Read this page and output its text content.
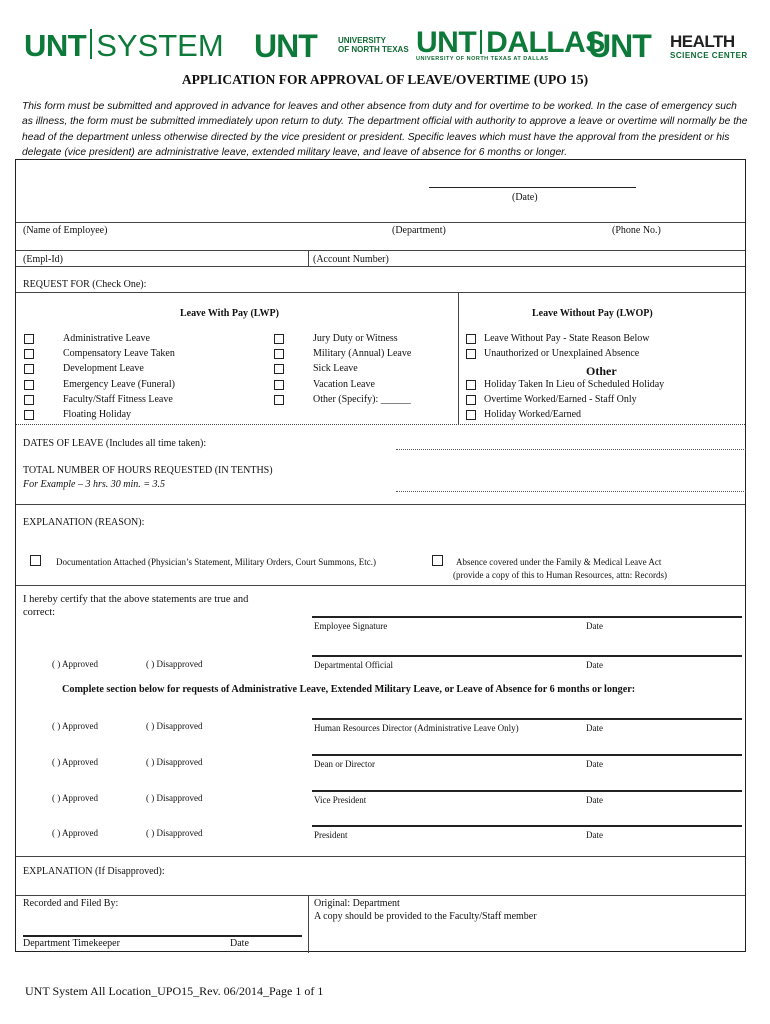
UNT SYSTEM UNT	UNIVERSITY
OF NORTH TEXAS UNT DALLAS
UNIVERSITY OF NORTH TEXAS AT DALLAS UNT HEALTH
SCIENCE CENTER
APPLICATION FOR APPROVAL OF LEAVE/OVERTIME (UPO 15)
This form must be submitted and approved in advance for leaves and other absence from duty and for overtime to be worked. In the case of emergency such as illness, the form must be submitted immediately upon return to duty. The department official with authority to approve a leave or overtime will normally be the head of the department unless otherwise directed by the vice president or president. Specific leaves which must have the approval from the president or his delegate (vice president) are administrative leave, extended military leave, and leave of absence for 6 months or longer.
(Date)
(Name of Employee)	(Department)	(Phone No.)
(Empl-Id)	(Account Number)
REQUEST FOR (Check One):
Leave With Pay (LWP)	Leave Without Pay (LWOP)
Other
DATES OF LEAVE (Includes all time taken):
TOTAL NUMBER OF HOURS REQUESTED (IN TENTHS)
For Example – 3 hrs. 30 min. = 3.5
EXPLANATION (REASON):
Documentation Attached (Physician’s Statement, Military Orders, Court Summons, Etc.)	Absence covered under the Family & Medical Leave Act
(provide a copy of this to Human Resources, attn: Records)
I hereby certify that the above statements are true and
correct:
Employee Signature	Date
( ) Approved	( ) Disapproved	Departmental Official	Date
Complete section below for requests of Administrative Leave, Extended Military Leave, or Leave of Absence for 6 months or longer:
EXPLANATION (If Disapproved):
Recorded and Filed By:
Department Timekeeper	Date
Original: Department
A copy should be provided to the Faculty/Staff member
Administrative Leave
Compensatory Leave Taken
Development Leave
Emergency Leave (Funeral)
Faculty/Staff Fitness Leave
Floating Holiday
Jury Duty or Witness
Military (Annual) Leave
Sick Leave
Vacation Leave
Other (Specify): ______
Leave Without Pay - State Reason Below
Unauthorized or Unexplained Absence
Holiday Taken In Lieu of Scheduled Holiday
Overtime Worked/Earned - Staff Only
Holiday Worked/Earned
( ) Approved	( ) Disapproved	Human Resources Director (Administrative Leave Only)	Date
( ) Approved	( ) Disapproved	Dean or Director	Date
( ) Approved	( ) Disapproved	Vice President	Date
( ) Approved	( ) Disapproved	President	Date
UNT System All Location_UPO15_Rev. 06/2014_Page 1 of 1
